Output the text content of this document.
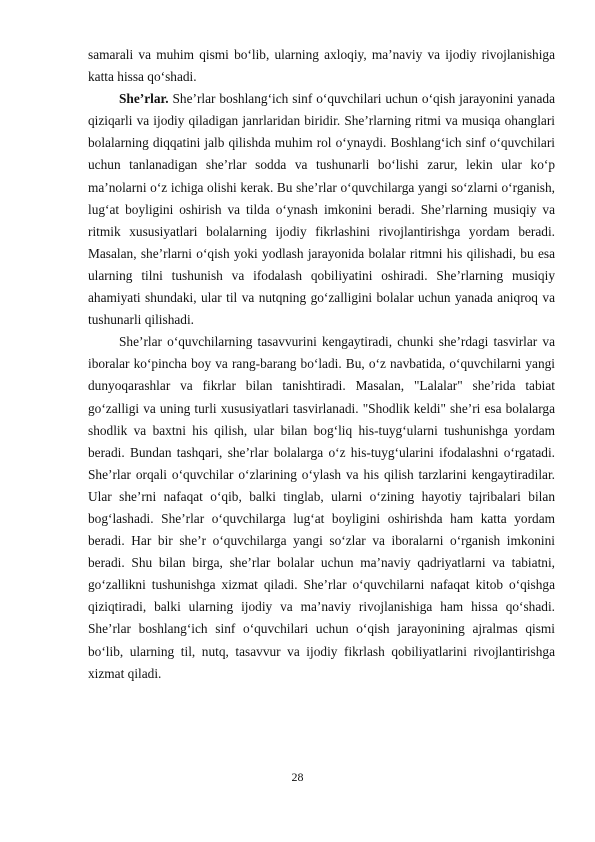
samarali va muhim qismi bo‘lib, ularning axloqiy, ma’naviy va ijodiy rivojlanishiga katta hissa qo‘shadi.

She’rlar. She’rlar boshlang‘ich sinf o‘quvchilari uchun o‘qish jarayonini yanada qiziqarli va ijodiy qiladigan janrlaridan biridir. She’rlarning ritmi va musiqa ohanglari bolalarning diqqatini jalb qilishda muhim rol o‘ynaydi. Boshlang‘ich sinf o‘quvchilari uchun tanlanadigan she’rlar sodda va tushunarli bo‘lishi zarur, lekin ular ko‘p ma’nolarni o‘z ichiga olishi kerak. Bu she’rlar o‘quvchilarga yangi so‘zlarni o‘rganish, lug‘at boyligini oshirish va tilda o‘ynash imkonini beradi. She’rlarning musiqiy va ritmik xususiyatlari bolalarning ijodiy fikrlashini rivojlantirishga yordam beradi. Masalan, she’rlarni o‘qish yoki yodlash jarayonida bolalar ritmni his qilishadi, bu esa ularning tilni tushunish va ifodalash qobiliyatini oshiradi. She’rlarning musiqiy ahamiyati shundaki, ular til va nutqning go‘zalligini bolalar uchun yanada aniqroq va tushunarli qilishadi.

She’rlar o‘quvchilarning tasavvurini kengaytiradi, chunki she’rdagi tasvirlar va iboralar ko‘pincha boy va rang-barang bo‘ladi. Bu, o‘z navbatida, o‘quvchilarni yangi dunyoqarashlar va fikrlar bilan tanishtiradi. Masalan, "Lalalar" she’rida tabiat go‘zalligi va uning turli xususiyatlari tasvirlanadi. "Shodlik keldi" she’ri esa bolalarga shodlik va baxtni his qilish, ular bilan bog‘liq his-tuyg‘ularni tushunishga yordam beradi. Bundan tashqari, she’rlar bolalarga o‘z his-tuyg‘ularini ifodalashni o‘rgatadi. She’rlar orqali o‘quvchilar o‘zlarining o‘ylash va his qilish tarzlarini kengaytiradilar. Ular she’rni nafaqat o‘qib, balki tinglab, ularni o‘zining hayotiy tajribalari bilan bog‘lashadi. She’rlar o‘quvchilarga lug‘at boyligini oshirishda ham katta yordam beradi. Har bir she’r o‘quvchilarga yangi so‘zlar va iboralarni o‘rganish imkonini beradi. Shu bilan birga, she’rlar bolalar uchun ma’naviy qadriyatlarni va tabiatni, go‘zallikni tushunishga xizmat qiladi. She’rlar o‘quvchilarni nafaqat kitob o‘qishga qiziqtiradi, balki ularning ijodiy va ma’naviy rivojlanishiga ham hissa qo‘shadi. She’rlar boshlang‘ich sinf o‘quvchilari uchun o‘qish jarayonining ajralmas qismi bo‘lib, ularning til, nutq, tasavvur va ijodiy fikrlash qobiliyatlarini rivojlantirishga xizmat qiladi.

28
